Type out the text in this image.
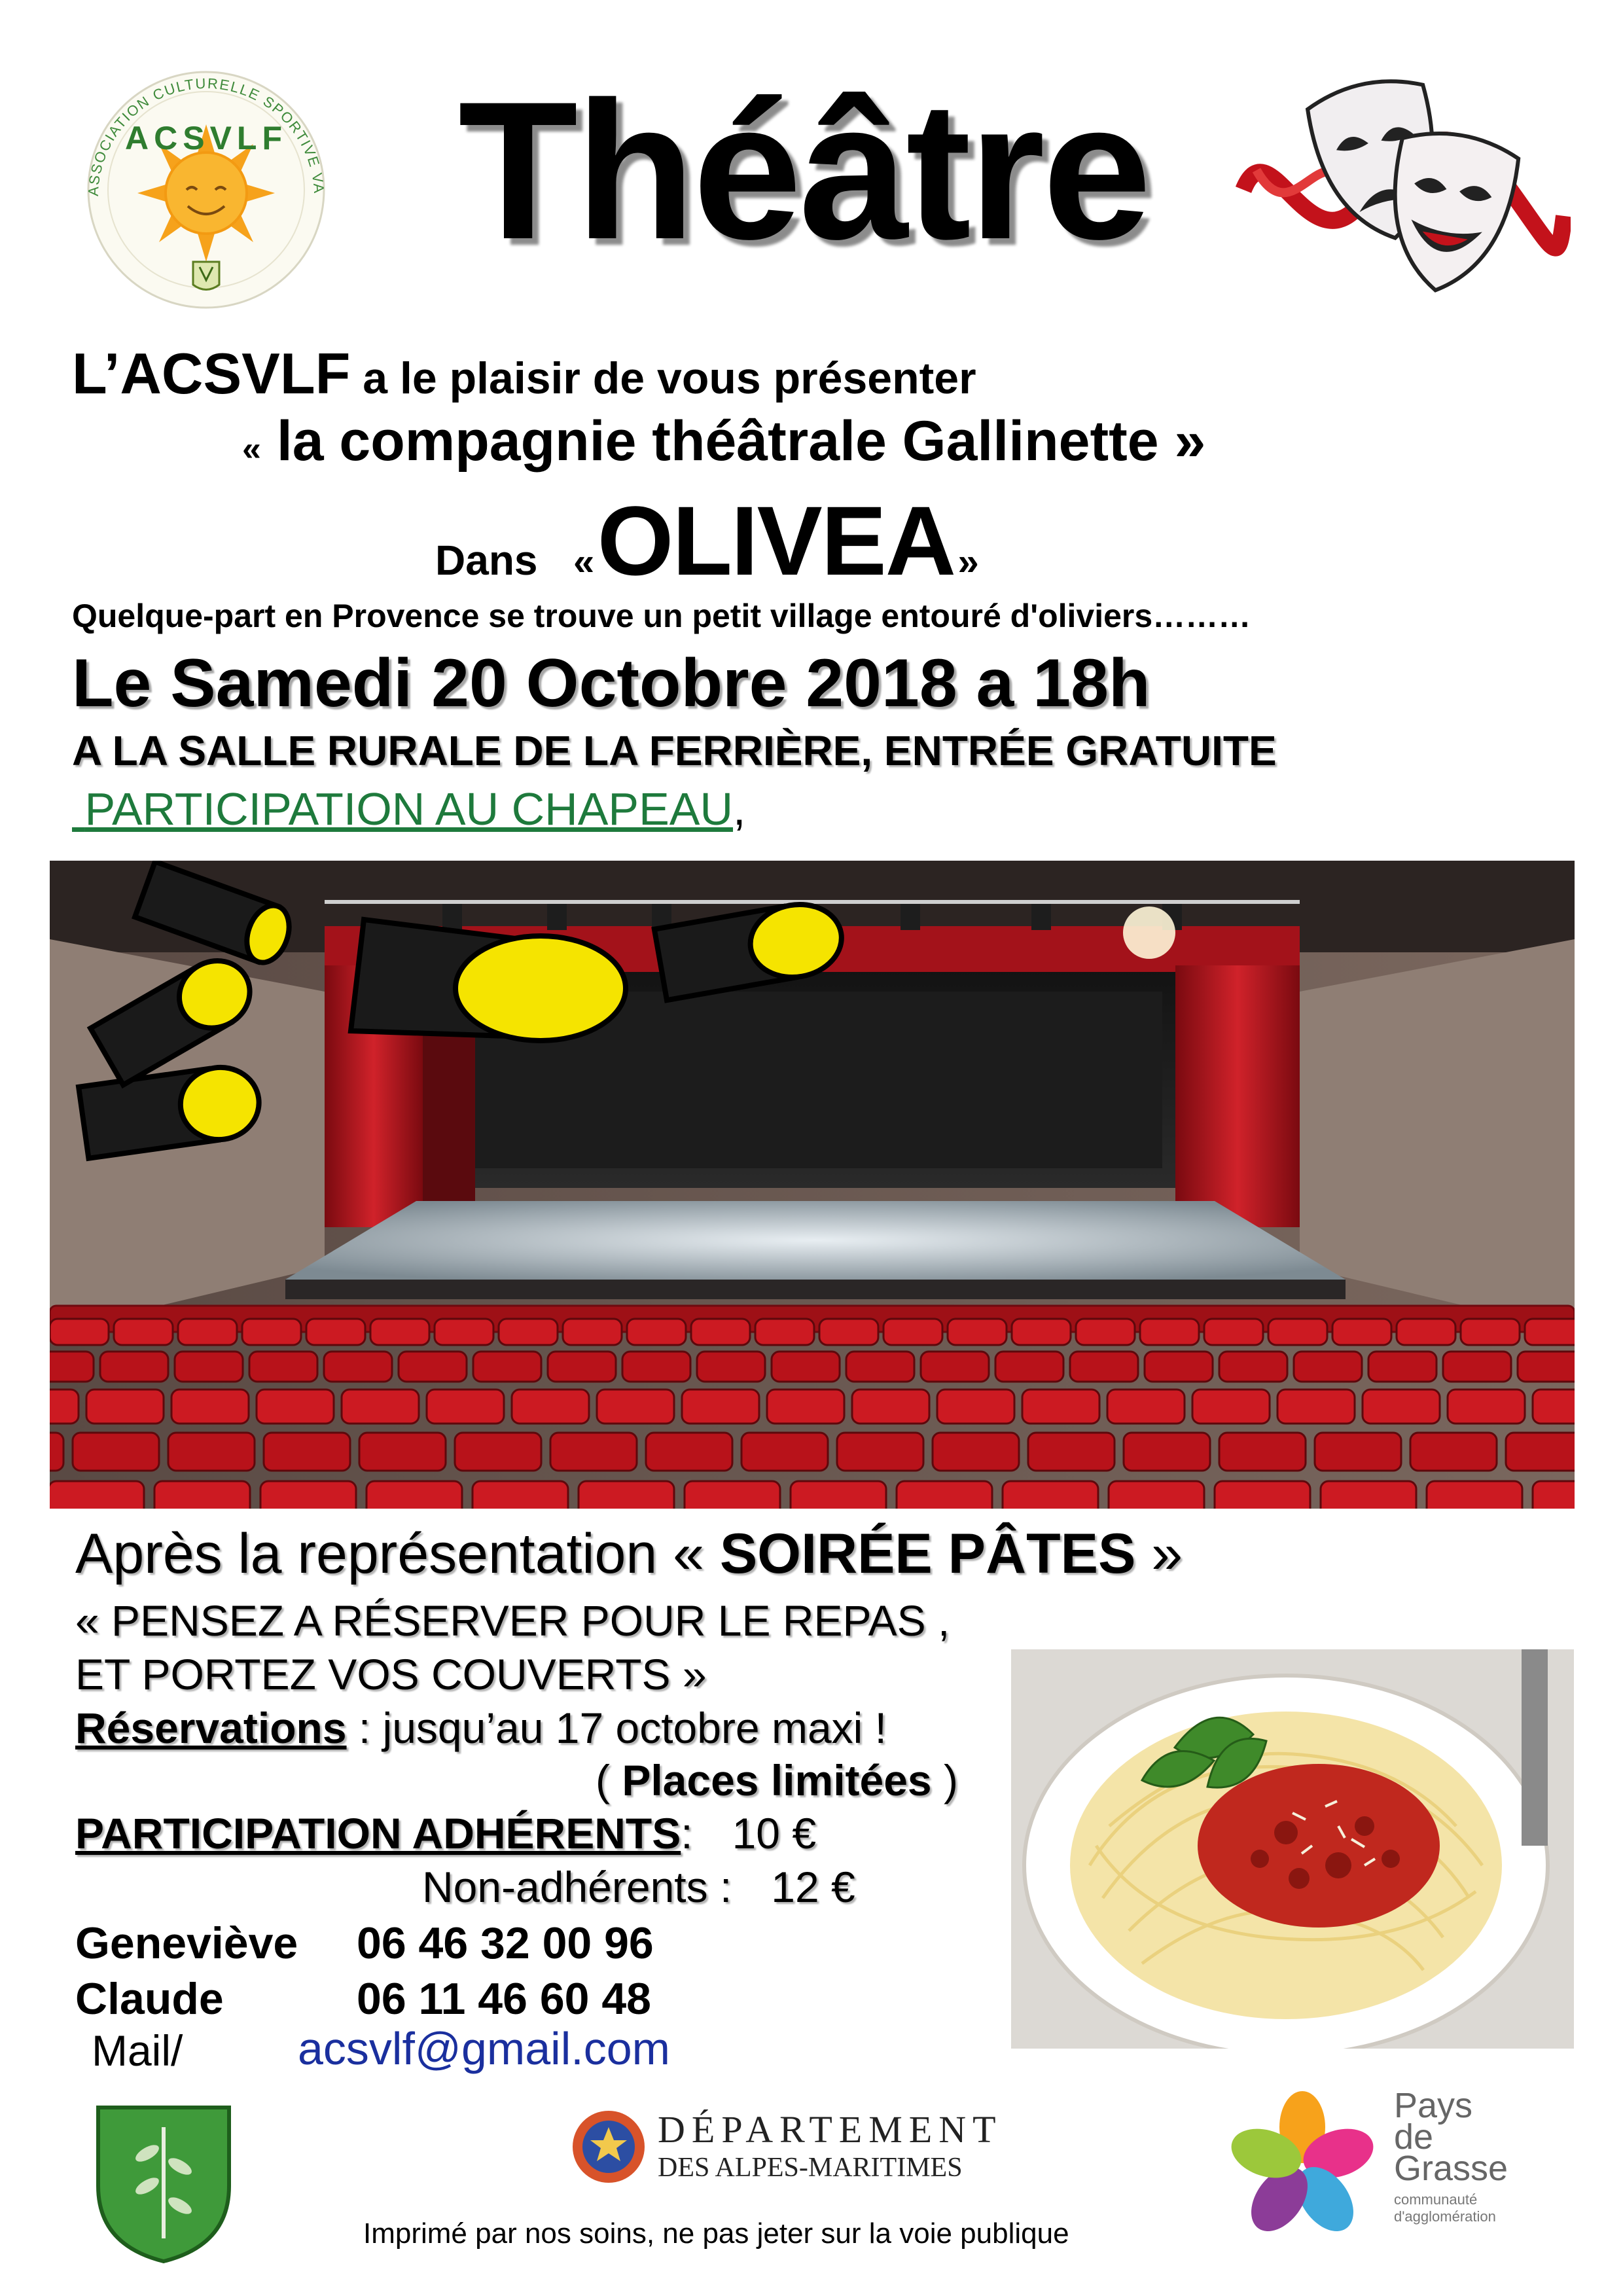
ASSOCIATION CULTURELLE SPORTIVE VA
ACSVLF Théâtre
L’ACSVLF a le plaisir de vous présenter
« la compagnie théâtrale Gallinette »
Dans « OLIVEA »
Quelque-part en Provence se trouve un petit village entouré d'oliviers………
Le Samedi 20 Octobre 2018 a 18h
A LA SALLE RURALE DE LA FERRIÈRE, ENTRÉE GRATUITE
PARTICIPATION AU CHAPEAU,
Après la représentation « SOIRÉE PÂTES »
« PENSEZ A RÉSERVER POUR LE REPAS ,
ET PORTEZ VOS COUVERTS »
Réservations : jusqu’au 17 octobre maxi !
( Places limitées )
PARTICIPATION ADHÉRENTS: 10 €
Non-adhérents : 12 €
Geneviève 06 46 32 00 96
Claude	06 11 46 60 48
Mail/	acsvlf@gmail.com
DÉPARTEMENT
DES ALPES-MARITIMES
Pays
de
Grasse
communauté
d'agglomération
Imprimé par nos soins, ne pas jeter sur la voie publique
